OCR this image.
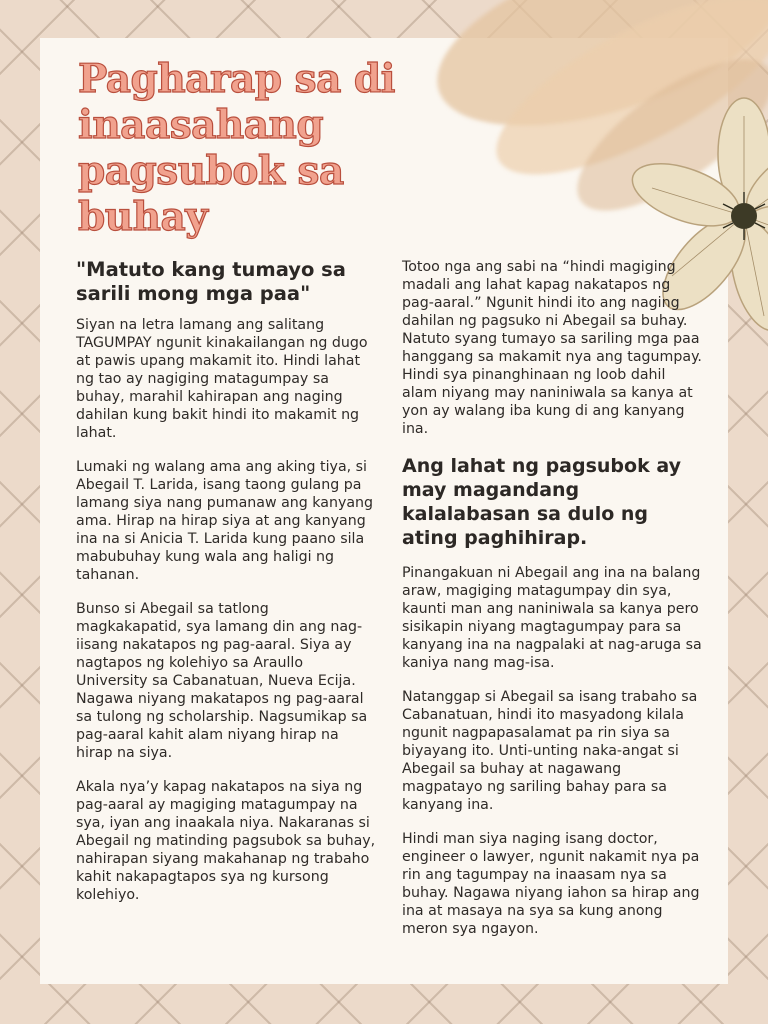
Pagharap sa di inaasahang pagsubok sa buhay
"Matuto kang tumayo sa sarili mong mga paa"

Siyan na letra lamang ang salitang TAGUMPAY ngunit kinakailangan ng dugo at pawis upang makamit ito. Hindi lahat ng tao ay nagiging matagumpay sa buhay, marahil kahirapan ang naging dahilan kung bakit hindi ito makamit ng lahat.

Lumaki ng walang ama ang aking tiya, si Abegail T. Larida, isang taong gulang pa lamang siya nang pumanaw ang kanyang ama. Hirap na hirap siya at ang kanyang ina na si Anicia T. Larida kung paano sila mabubuhay kung wala ang haligi ng tahanan.

Bunso si Abegail sa tatlong magkakapatid, sya lamang din ang nag-iisang nakatapos ng pag-aaral. Siya ay nagtapos ng kolehiyo sa Araullo University sa Cabanatuan, Nueva Ecija. Nagawa niyang makatapos ng pag-aaral sa tulong ng scholarship. Nagsumikap sa pag-aaral kahit alam niyang hirap na hirap na siya.

Akala nya’y kapag nakatapos na siya ng pag-aaral ay magiging matagumpay na sya, iyan ang inaakala niya. Nakaranas si Abegail ng matinding pagsubok sa buhay, nahirapan siyang makahanap ng trabaho kahit nakapagtapos sya ng kursong kolehiyo.

Totoo nga ang sabi na “hindi magiging madali ang lahat kapag nakatapos ng pag-aaral.” Ngunit hindi ito ang naging dahilan ng pagsuko ni Abegail sa buhay. Natuto syang tumayo sa sariling mga paa hanggang sa makamit nya ang tagumpay. Hindi sya pinanghinaan ng loob dahil alam niyang may naniniwala sa kanya at yon ay walang iba kung di ang kanyang ina.

Ang lahat ng pagsubok ay may magandang kalalabasan sa dulo ng ating paghihirap.

Pinangakuan ni Abegail ang ina na balang araw, magiging matagumpay din sya, kaunti man ang naniniwala sa kanya pero sisikapin niyang magtagumpay para sa kanyang ina na nagpalaki at nag-aruga sa kaniya nang mag-isa.

Natanggap si Abegail sa isang trabaho sa Cabanatuan, hindi ito masyadong kilala ngunit nagpapasalamat pa rin siya sa biyayang ito. Unti-unting naka-angat si Abegail sa buhay at nagawang magpatayo ng sariling bahay para sa kanyang ina.

Hindi man siya naging isang doctor, engineer o lawyer, ngunit nakamit nya pa rin ang tagumpay na inaasam nya sa buhay. Nagawa niyang iahon sa hirap ang ina at masaya na sya sa kung anong meron sya ngayon.
